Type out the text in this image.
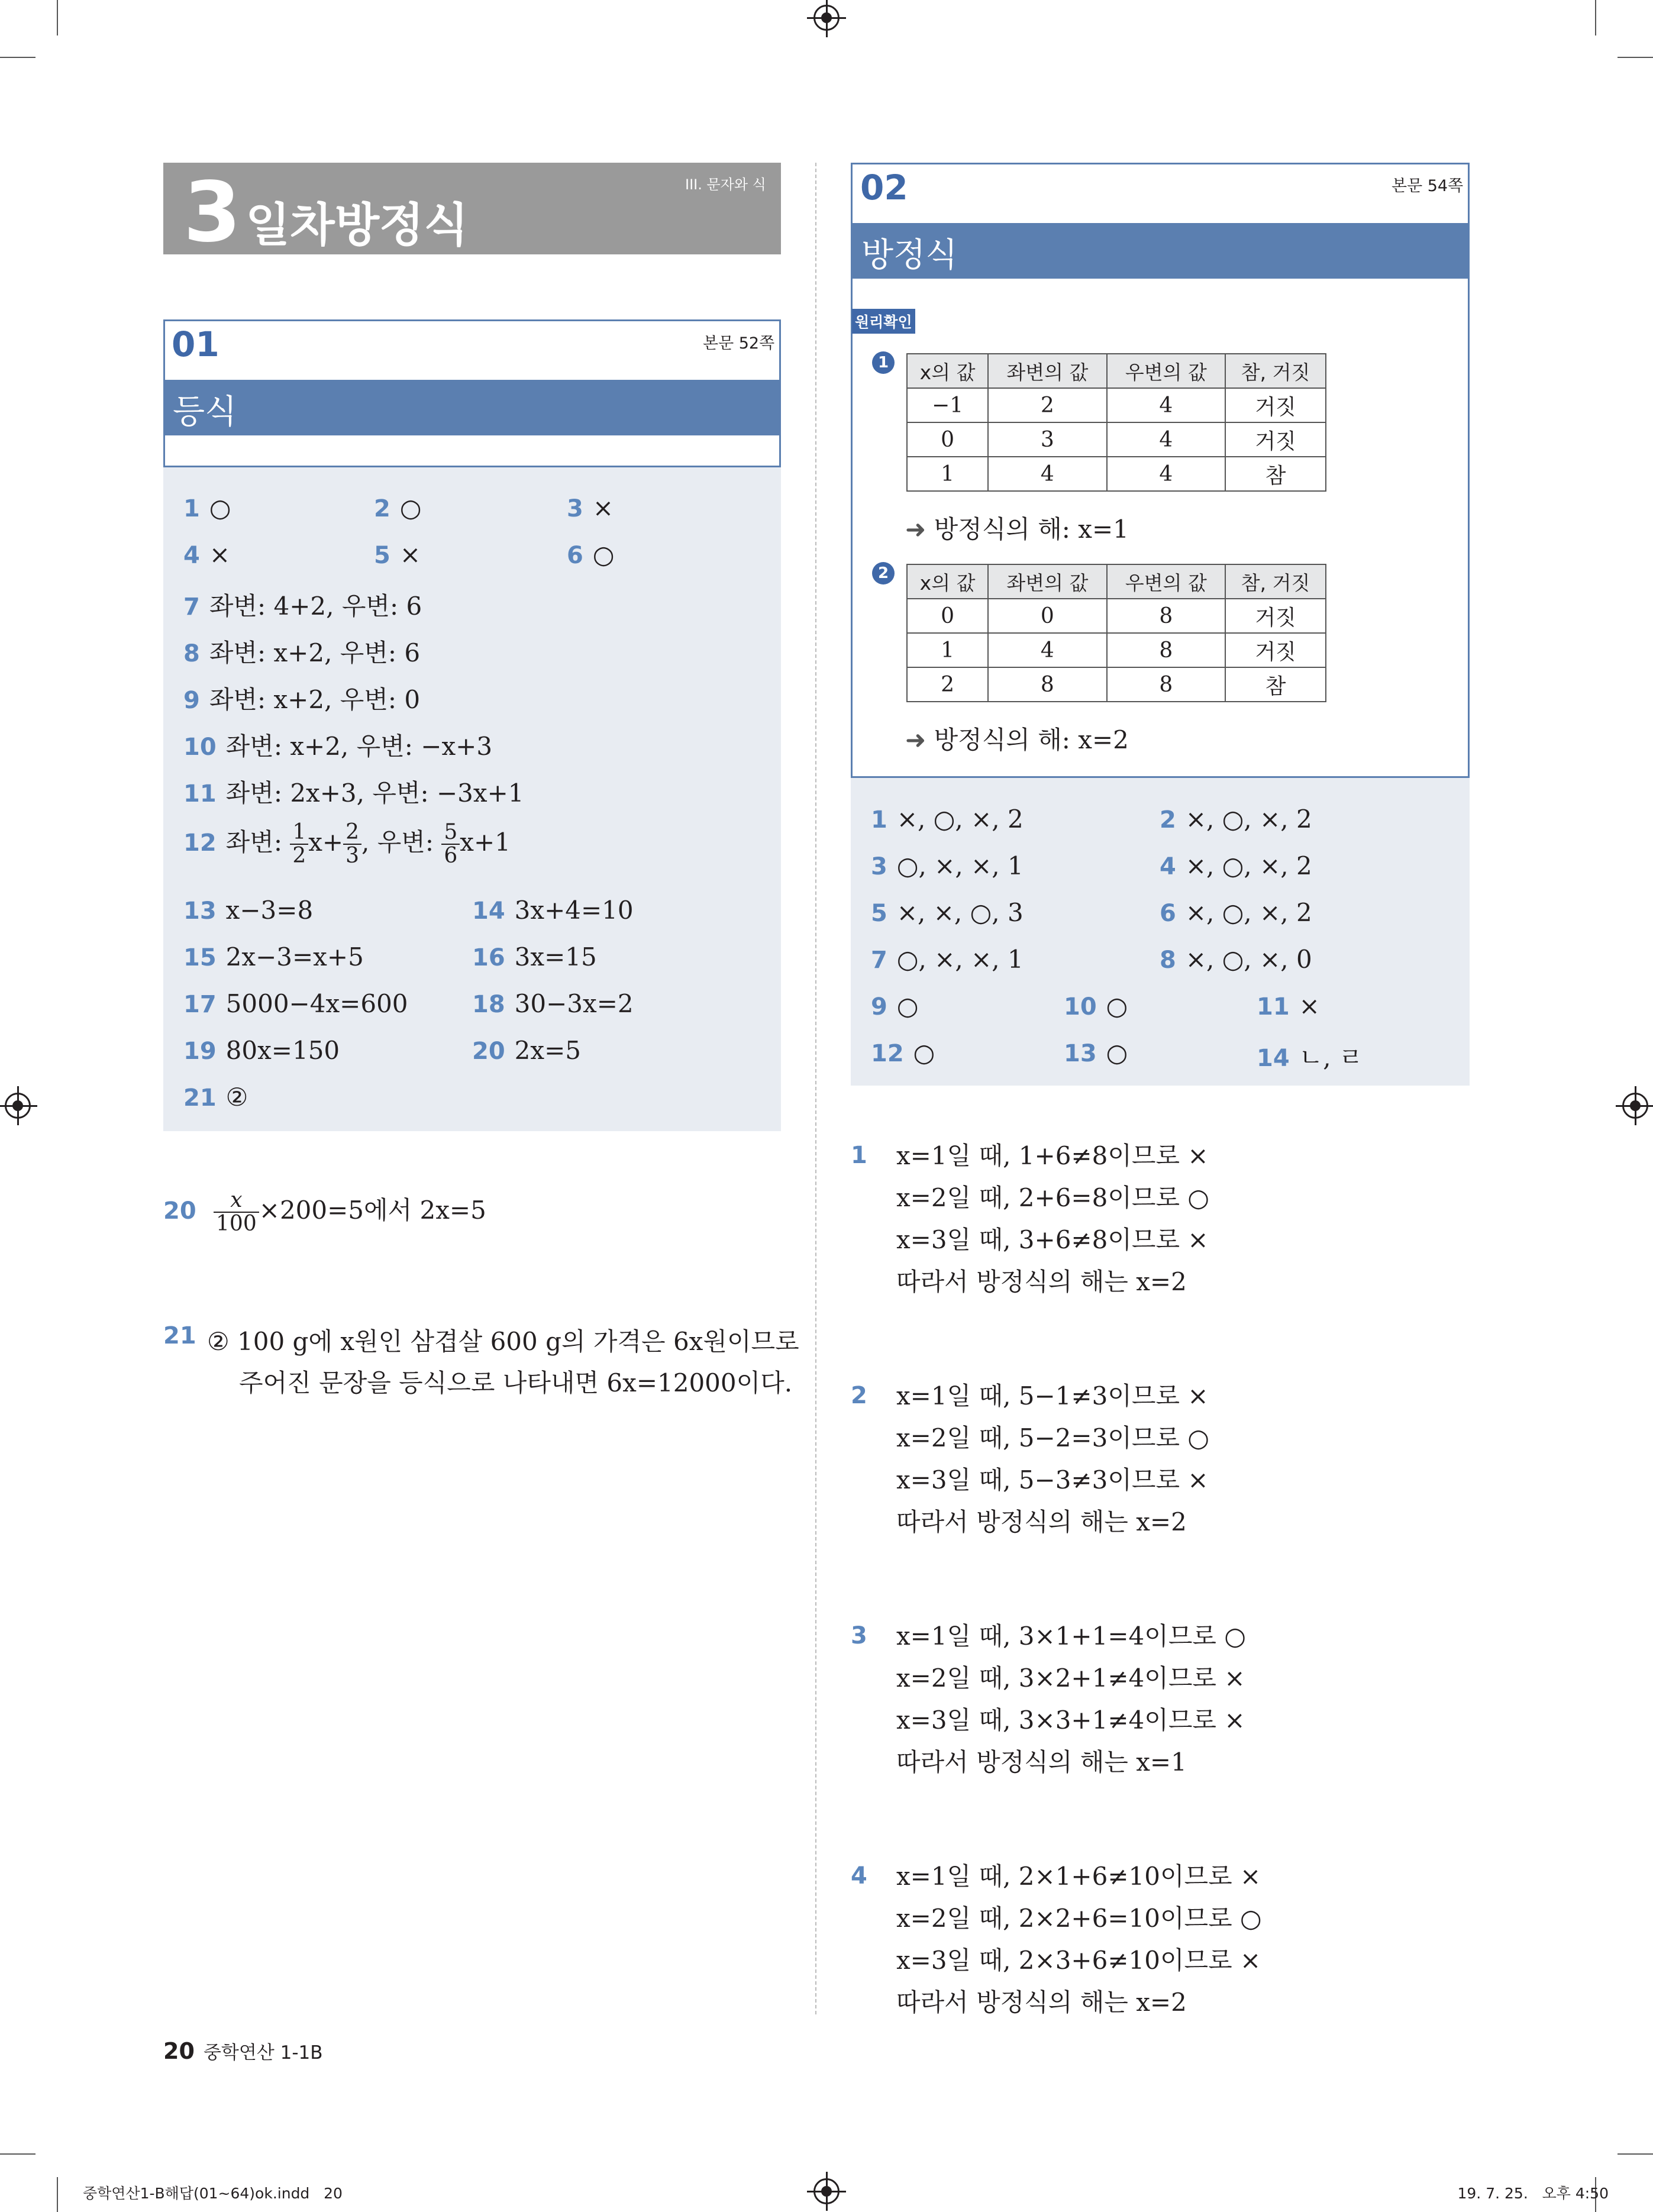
3 일차방정식
III. 문자와 식
01	본문 52쪽
등식
1 ○	2 ○	3 ×
4 ×	5 ×	6 ○
7 좌변: 4+2, 우변: 6
8 좌변: x+2, 우변: 6
9 좌변: x+2, 우변: 0
10 좌변: x+2, 우변: −x+3
11 좌변: 2x+3, 우변: −3x+1
12 좌변: $\frac{1}{2} x+ \frac{2}{3}$ , 우변: $\frac{5}{6} x+1$
13 x−3=8	14 3x+4=10
15 2x−3=x+5	16 3x=15
17 5000−4x=600	18 30−3x=2
19 80x=150	20 2x=5
21 ②
$20 \frac{x}{100} \times 200=5$에서 2x=5
21 ② 100 g에 x원인 삼겹살 600 g의 가격은 6x원이므로
주어진 문장을 등식으로 나타내면 6x=12000이다.
02	본문 54쪽
방정식
원리확인
1	x의 값	좌변의 값	우변의 값	참, 거짓
−1	2	4	거짓
0	3	4	거짓
1	4	4	참
➜ 방정식의 해: x=1
2	x의 값	좌변의 값	우변의 값	참, 거짓
0	0	8	거짓
1	4	8	거짓
2	8	8	참
➜ 방정식의 해: x=2
1 ×, ○, ×, 2	2 ×, ○, ×, 2
3 ○, ×, ×, 1	4 ×, ○, ×, 2
5 ×, ×, ○, 3	6 ×, ○, ×, 2
7 ○, ×, ×, 1	8 ×, ○, ×, 0
9 ○	10 ○	11 ×
12 ○	13 ○	14 ㄴ, ㄹ
1 x=1일 때, 1+6≠8이므로 ×
x=2일 때, 2+6=8이므로 ○
x=3일 때, 3+6≠8이므로 ×
따라서 방정식의 해는 x=2
2 x=1일 때, 5−1≠3이므로 ×
x=2일 때, 5−2=3이므로 ○
x=3일 때, 5−3≠3이므로 ×
따라서 방정식의 해는 x=2
3 x=1일 때, 3×1+1=4이므로 ○
x=2일 때, 3×2+1≠4이므로 ×
x=3일 때, 3×3+1≠4이므로 ×
따라서 방정식의 해는 x=1
4 x=1일 때, 2×1+6≠10이므로 ×
x=2일 때, 2×2+6=10이므로 ○
x=3일 때, 2×3+6≠10이므로 ×
따라서 방정식의 해는 x=2
20 중학연산 1-1B
중학연산1-B해답(01~64)ok.indd   20	19. 7. 25.   오후 4:50
